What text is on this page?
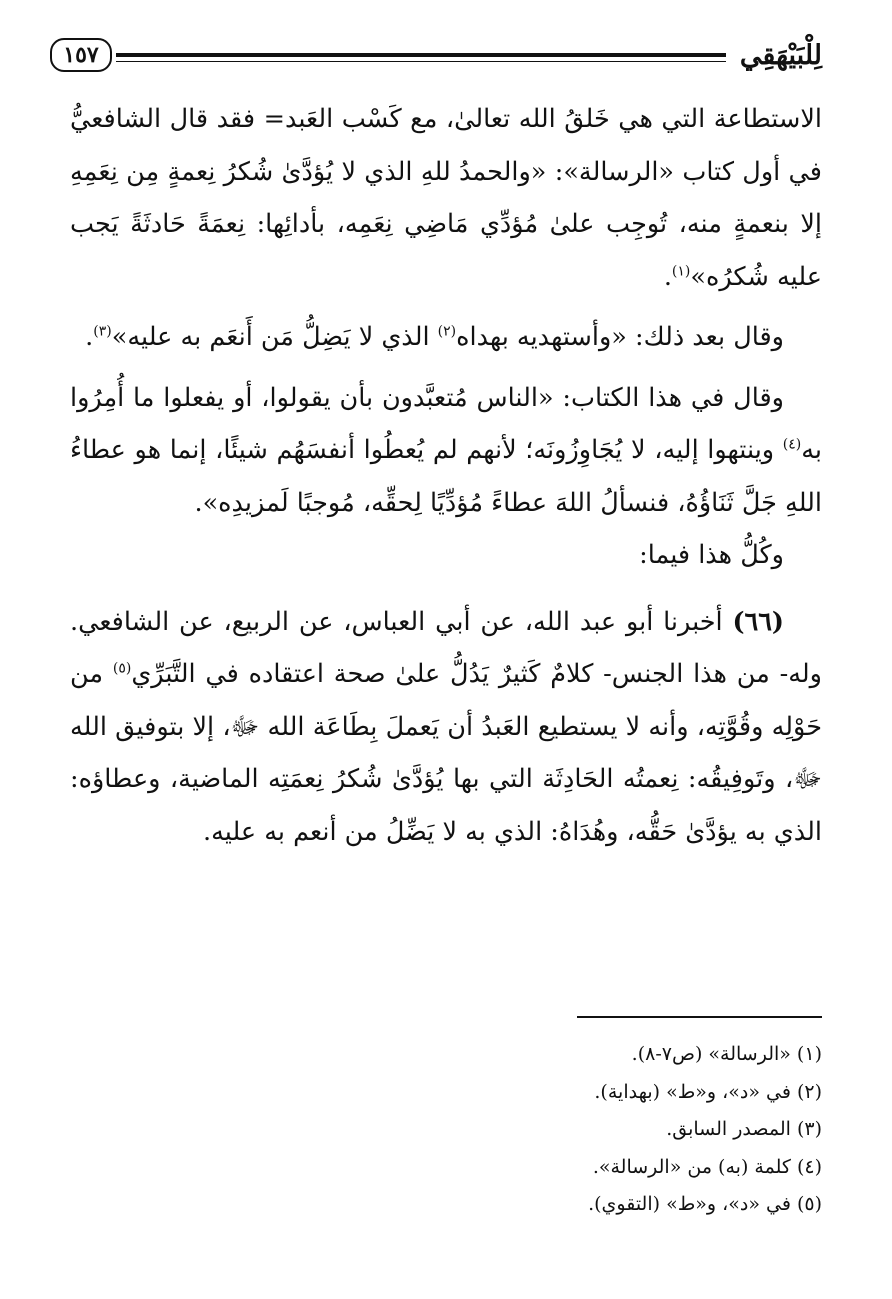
لِلْبَيْهَقِي
١٥٧

الاستطاعة التي هي خَلقُ الله تعالىٰ، مع كَسْب العَبد= فقد قال الشافعيُّ في أول كتاب «الرسالة»: «والحمدُ للهِ الذي لا يُؤدَّىٰ شُكرُ نِعمةٍ مِن نِعَمِهِ إلا بنعمةٍ منه، تُوجِب علىٰ مُؤدِّي مَاضِي نِعَمِه، بأدائِها: نِعمَةً حَادثَةً يَجب عليه شُكرُه»$^{(١)}$.

وقال بعد ذلك: «وأستهديه بهداه$^{(٢)}$ الذي لا يَضِلُّ مَن أَنعَم به عليه»$^{(٣)}$.

وقال في هذا الكتاب: «الناس مُتعبَّدون بأن يقولوا، أو يفعلوا ما أُمِرُوا به$^{(٤)}$ وينتهوا إليه، لا يُجَاوِزُونَه؛ لأنهم لم يُعطُوا أنفسَهُم شيئًا، إنما هو عطاءُ اللهِ جَلَّ ثَنَاؤُهُ، فنسألُ اللهَ عطاءً مُؤدِّيًا لِحقِّه، مُوجبًا لَمزيدِه».

وكُلُّ هذا فيما:

(٦٦) أخبرنا أبو عبد الله، عن أبي العباس، عن الربيع، عن الشافعي. وله- من هذا الجنس- كلامٌ كَثيرٌ يَدُلُّ علىٰ صحة اعتقاده في التَّبَرِّي$^{(٥)}$ من حَوْلِه وقُوَّتِه، وأنه لا يستطيع العَبدُ أن يَعملَ بِطَاعَة الله ﷻ، إلا بتوفيق الله ﷻ، وتَوفِيقُه: نِعمتُه الحَادِثَة التي بها يُؤدَّىٰ شُكرُ نِعمَتِه الماضية، وعطاؤه: الذي به يؤدَّىٰ حَقُّه، وهُدَاهُ: الذي به لا يَضِّلُ من أنعم به عليه.

(١) «الرسالة» (ص٧-٨).

(٢) في «د»، و«ط» (بهداية).

(٣) المصدر السابق.

(٤) كلمة (به) من «الرسالة».

(٥) في «د»، و«ط» (التقوي).
